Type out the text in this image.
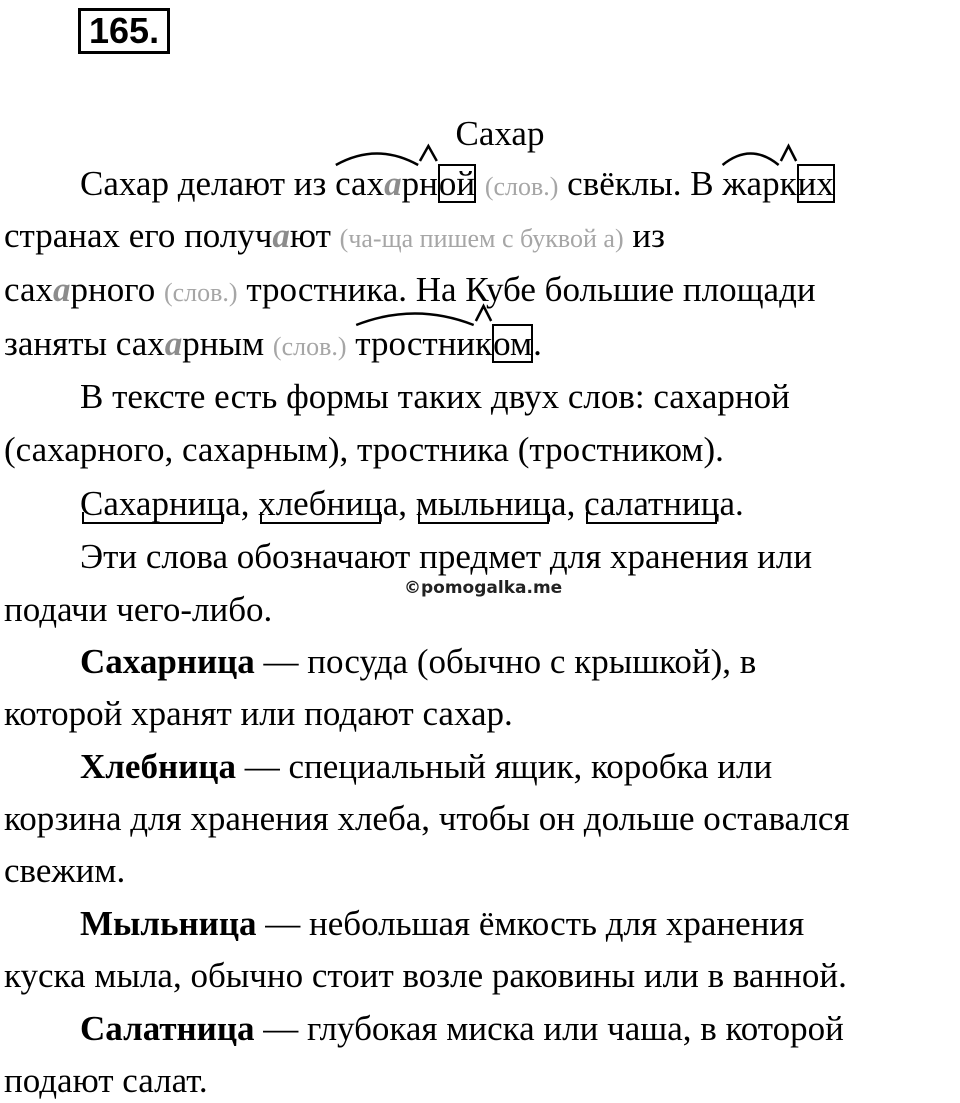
165.
Сахар
Сахар делают из
сахар
ной (слов.) свёклы. В
жар
ких
странах его получают (ча-ща пишем с буквой а) из
сахарного (слов.) тростника. На Кубе большие площади
заняты сахарным (слов.) тростни
ком.
В тексте есть формы таких двух слов: сахарной
(сахарного, сахарным), тростника (тростником).
Сахарниц
а, хлебниц
а, мыльниц
а, салатниц
а.
Эти слова обозначают предмет для хранения или
подачи чего-либо.
©pomogalka.me
Сахарница — посуда (обычно с крышкой), в
которой хранят или подают сахар.
Хлебница — специальный ящик, коробка или
корзина для хранения хлеба, чтобы он дольше оставался
свежим.
Мыльница — небольшая ёмкость для хранения
куска мыла, обычно стоит возле раковины или в ванной.
Салатница — глубокая миска или чаша, в которой
подают салат.
